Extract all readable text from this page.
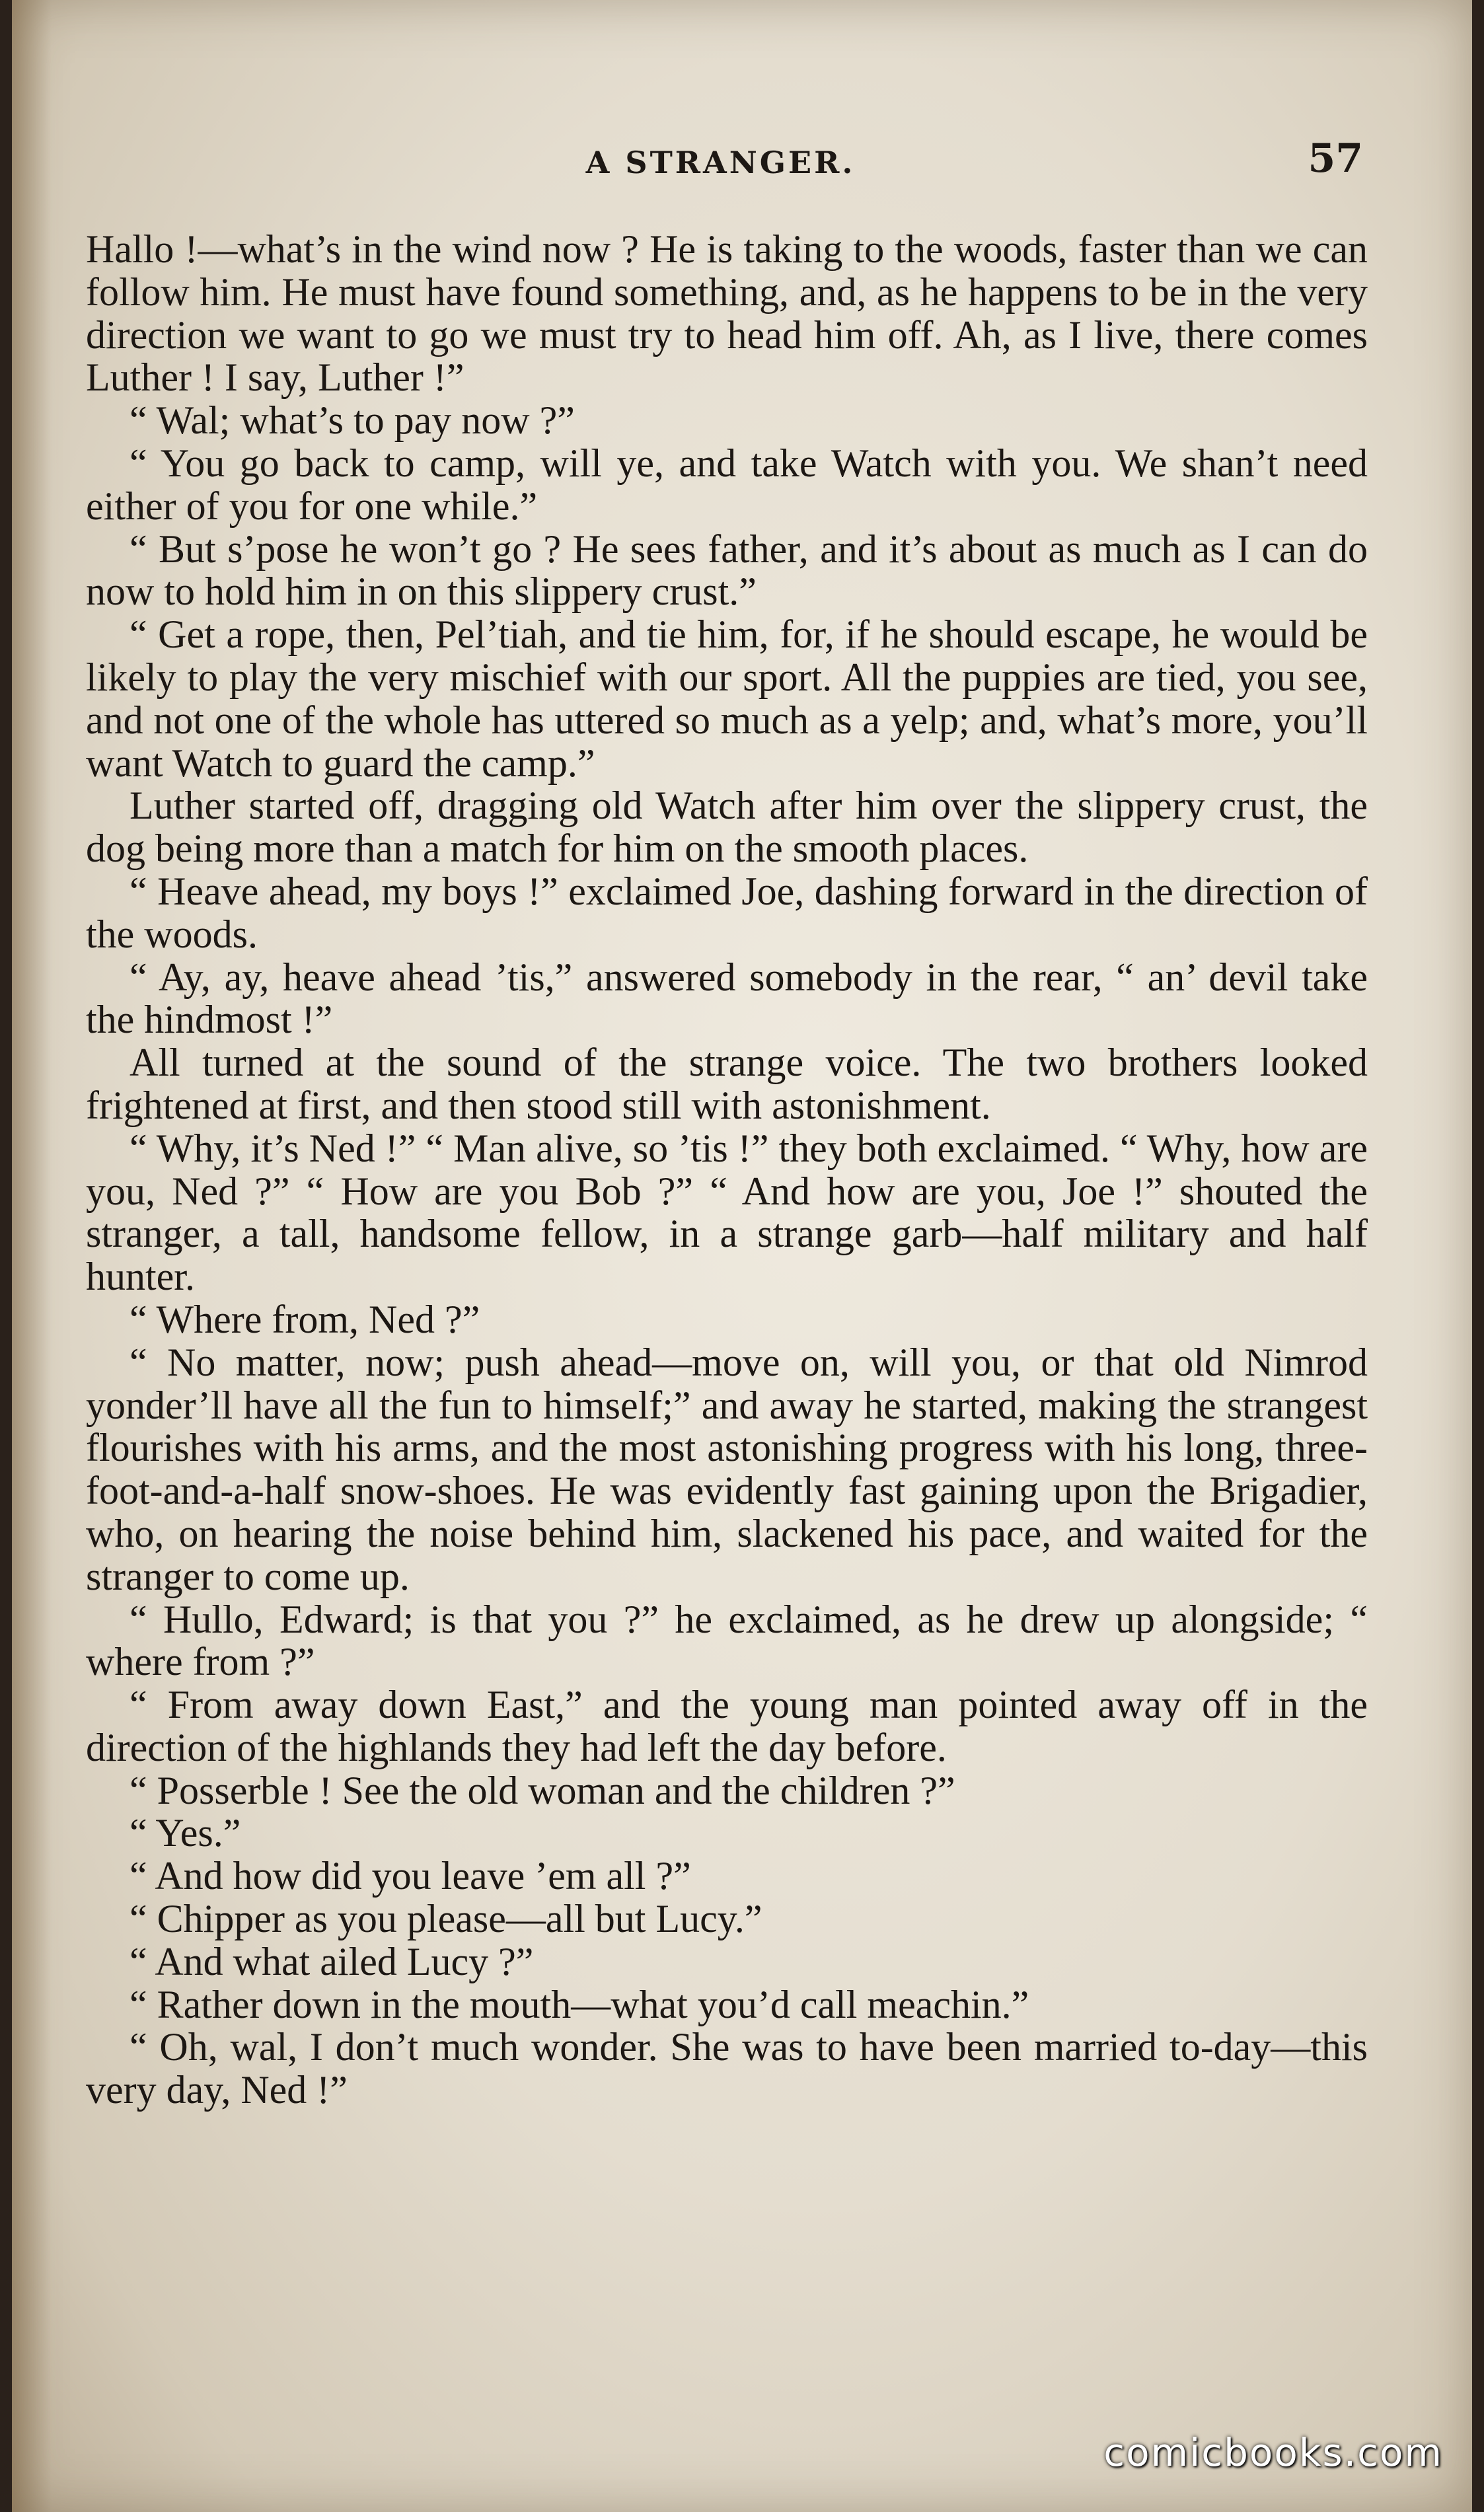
A STRANGER.	57

Hallo !—what’s in the wind now ? He is taking to the woods, faster than we can follow him. He must have found something, and, as he happens to be in the very direction we want to go we must try to head him off. Ah, as I live, there comes Luther ! I say, Luther !”

“ Wal; what’s to pay now ?”

“ You go back to camp, will ye, and take Watch with you. We shan’t need either of you for one while.”

“ But s’pose he won’t go ? He sees father, and it’s about as much as I can do now to hold him in on this slippery crust.”

“ Get a rope, then, Pel’tiah, and tie him, for, if he should escape, he would be likely to play the very mischief with our sport. All the puppies are tied, you see, and not one of the whole has uttered so much as a yelp; and, what’s more, you’ll want Watch to guard the camp.”

Luther started off, dragging old Watch after him over the slippery crust, the dog being more than a match for him on the smooth places.

“ Heave ahead, my boys !” exclaimed Joe, dashing forward in the direction of the woods.

“ Ay, ay, heave ahead ’tis,” answered somebody in the rear, “ an’ devil take the hindmost !”

All turned at the sound of the strange voice. The two brothers looked frightened at first, and then stood still with astonishment.

“ Why, it’s Ned !” “ Man alive, so ’tis !” they both exclaimed. “ Why, how are you, Ned ?” “ How are you Bob ?” “ And how are you, Joe !” shouted the stranger, a tall, handsome fellow, in a strange garb—half military and half hunter.

“ Where from, Ned ?”

“ No matter, now; push ahead—move on, will you, or that old Nimrod yonder’ll have all the fun to himself;” and away he started, making the strangest flourishes with his arms, and the most astonishing progress with his long, three-foot-and-a-half snow-shoes. He was evidently fast gaining upon the Brigadier, who, on hearing the noise behind him, slackened his pace, and waited for the stranger to come up.

“ Hullo, Edward; is that you ?” he exclaimed, as he drew up alongside; “ where from ?”

“ From away down East,” and the young man pointed away off in the direction of the highlands they had left the day before.

“ Posserble ! See the old woman and the children ?”

“ Yes.”

“ And how did you leave ’em all ?”

“ Chipper as you please—all but Lucy.”

“ And what ailed Lucy ?”

“ Rather down in the mouth—what you’d call meachin.”

“ Oh, wal, I don’t much wonder. She was to have been married to-day—this very day, Ned !”

comicbooks.com
